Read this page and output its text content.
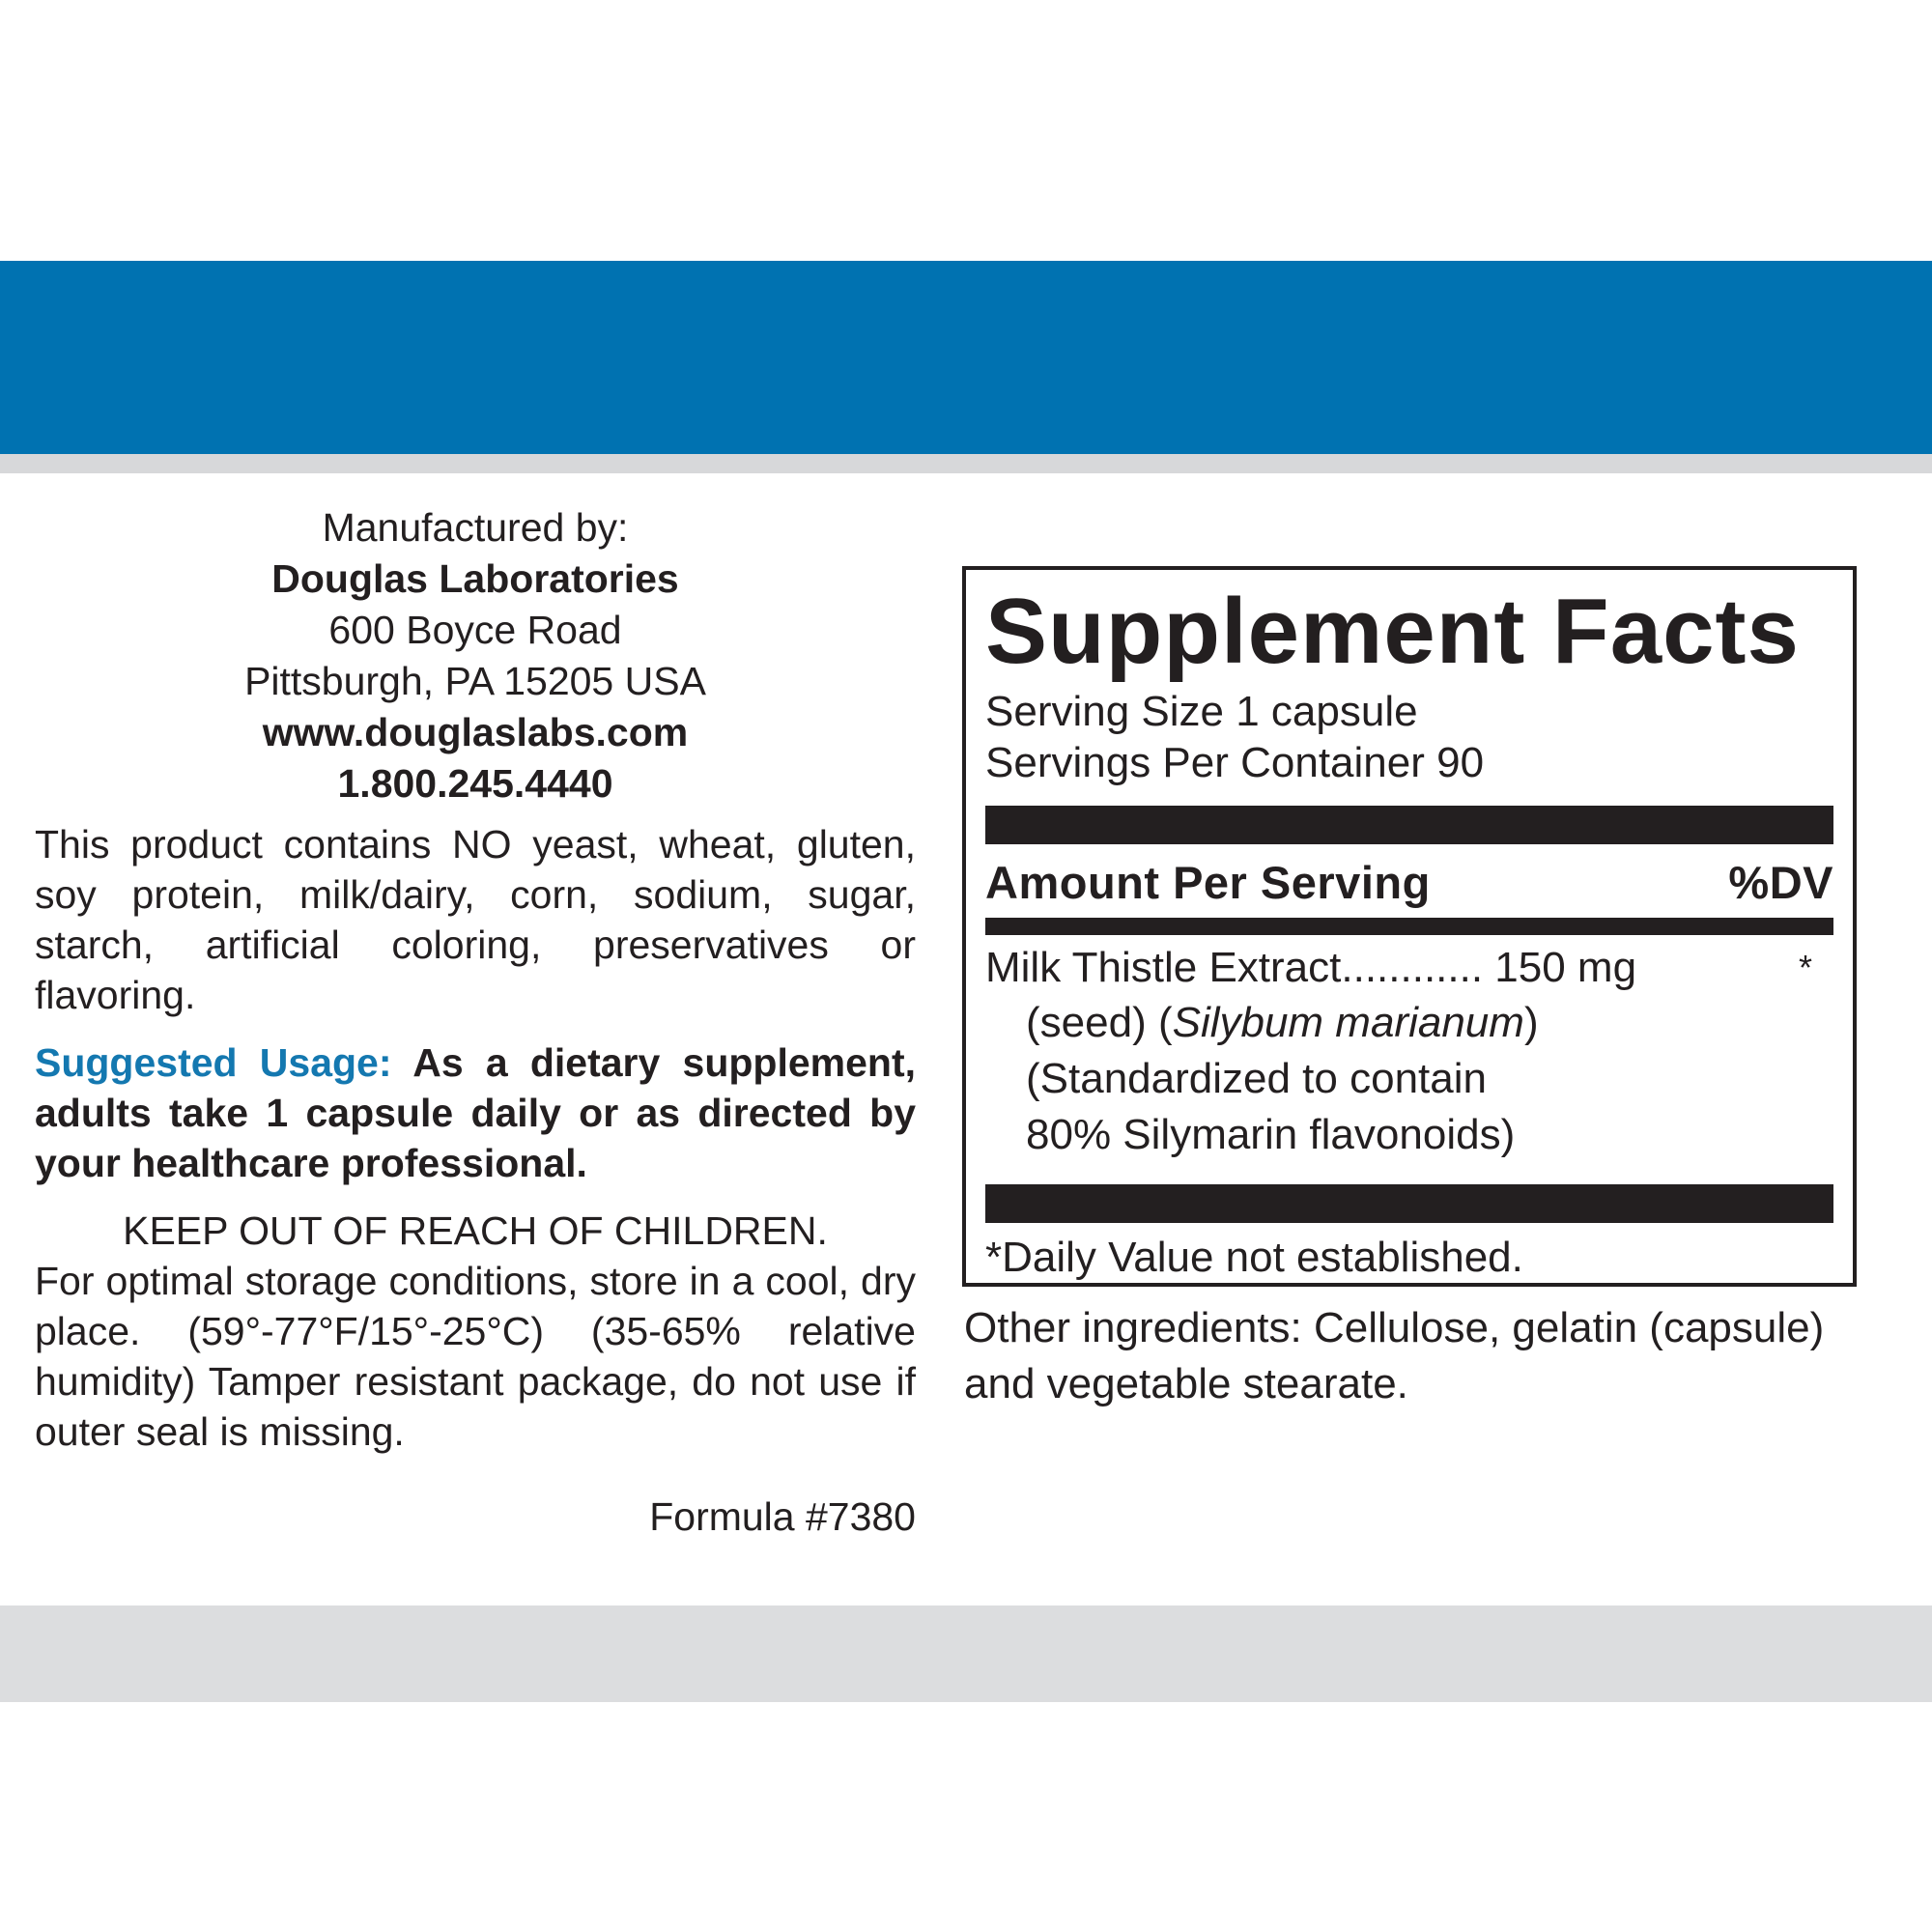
Manufactured by:
Douglas Laboratories
600 Boyce Road
Pittsburgh, PA 15205 USA
www.douglaslabs.com
1.800.245.4440
This product contains NO yeast, wheat, gluten, soy protein, milk/dairy, corn, sodium, sugar, starch, artificial coloring, preservatives or flavoring.
Suggested Usage: As a dietary supplement, adults take 1 capsule daily or as directed by your healthcare professional.
KEEP OUT OF REACH OF CHILDREN.
For optimal storage conditions, store in a cool, dry place. (59°-77°F/15°-25°C) (35-65% relative humidity) Tamper resistant package, do not use if outer seal is missing.
Formula #7380
Supplement Facts
Serving Size 1 capsule
Servings Per Container 90
Amount Per Serving	%DV
Milk Thistle Extract............ 150 mg	*
(seed) (Silybum marianum)
(Standardized to contain
80% Silymarin flavonoids)
*Daily Value not established.
Other ingredients: Cellulose, gelatin (capsule) and vegetable stearate.
